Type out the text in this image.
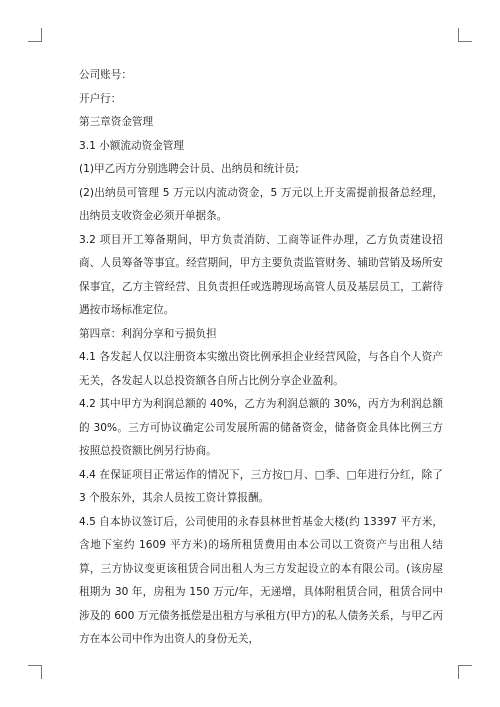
公司账号：

开户行：

第三章资金管理

3.1 小额流动资金管理

(1)甲乙丙方分别选聘会计员、出纳员和统计员;

(2)出纳员可管理 5 万元以内流动资金，5 万元以上开支需提前报备总经理，出纳员支收资金必须开单据条。

3.2 项目开工筹备期间，甲方负责消防、工商等证件办理，乙方负责建设招商、人员筹备等事宜。经营期间，甲方主要负责监管财务、辅助营销及场所安保事宜，乙方主管经营、且负责担任或选聘现场高管人员及基层员工，工薪待遇按市场标准定位。

第四章：利润分享和亏损负担

4.1 各发起人仅以注册资本实缴出资比例承担企业经营风险，与各自个人资产无关，各发起人以总投资额各自所占比例分享企业盈利。

4.2 其中甲方为利润总额的 40%，乙方为利润总额的 30%，丙方为利润总额的 30%。三方可协议确定公司发展所需的储备资金，储备资金具体比例三方按照总投资额比例另行协商。

4.4 在保证项目正常运作的情况下，三方按□月、□季、□年进行分红，除了 3 个股东外，其余人员按工资计算报酬。

4.5 自本协议签订后，公司使用的永春县林世哲基金大楼(约 13397 平方米，含地下室约 1609 平方米)的场所租赁费用由本公司以工资资产与出租人结算，三方协议变更该租赁合同出租人为三方发起设立的本有限公司。(该房屋租期为 30 年，房租为 150 万元/年，无递增，具体附租赁合同，租赁合同中涉及的 600 万元债务抵偿是出租方与承租方(甲方)的私人债务关系，与甲乙丙方在本公司中作为出资人的身份无关，
